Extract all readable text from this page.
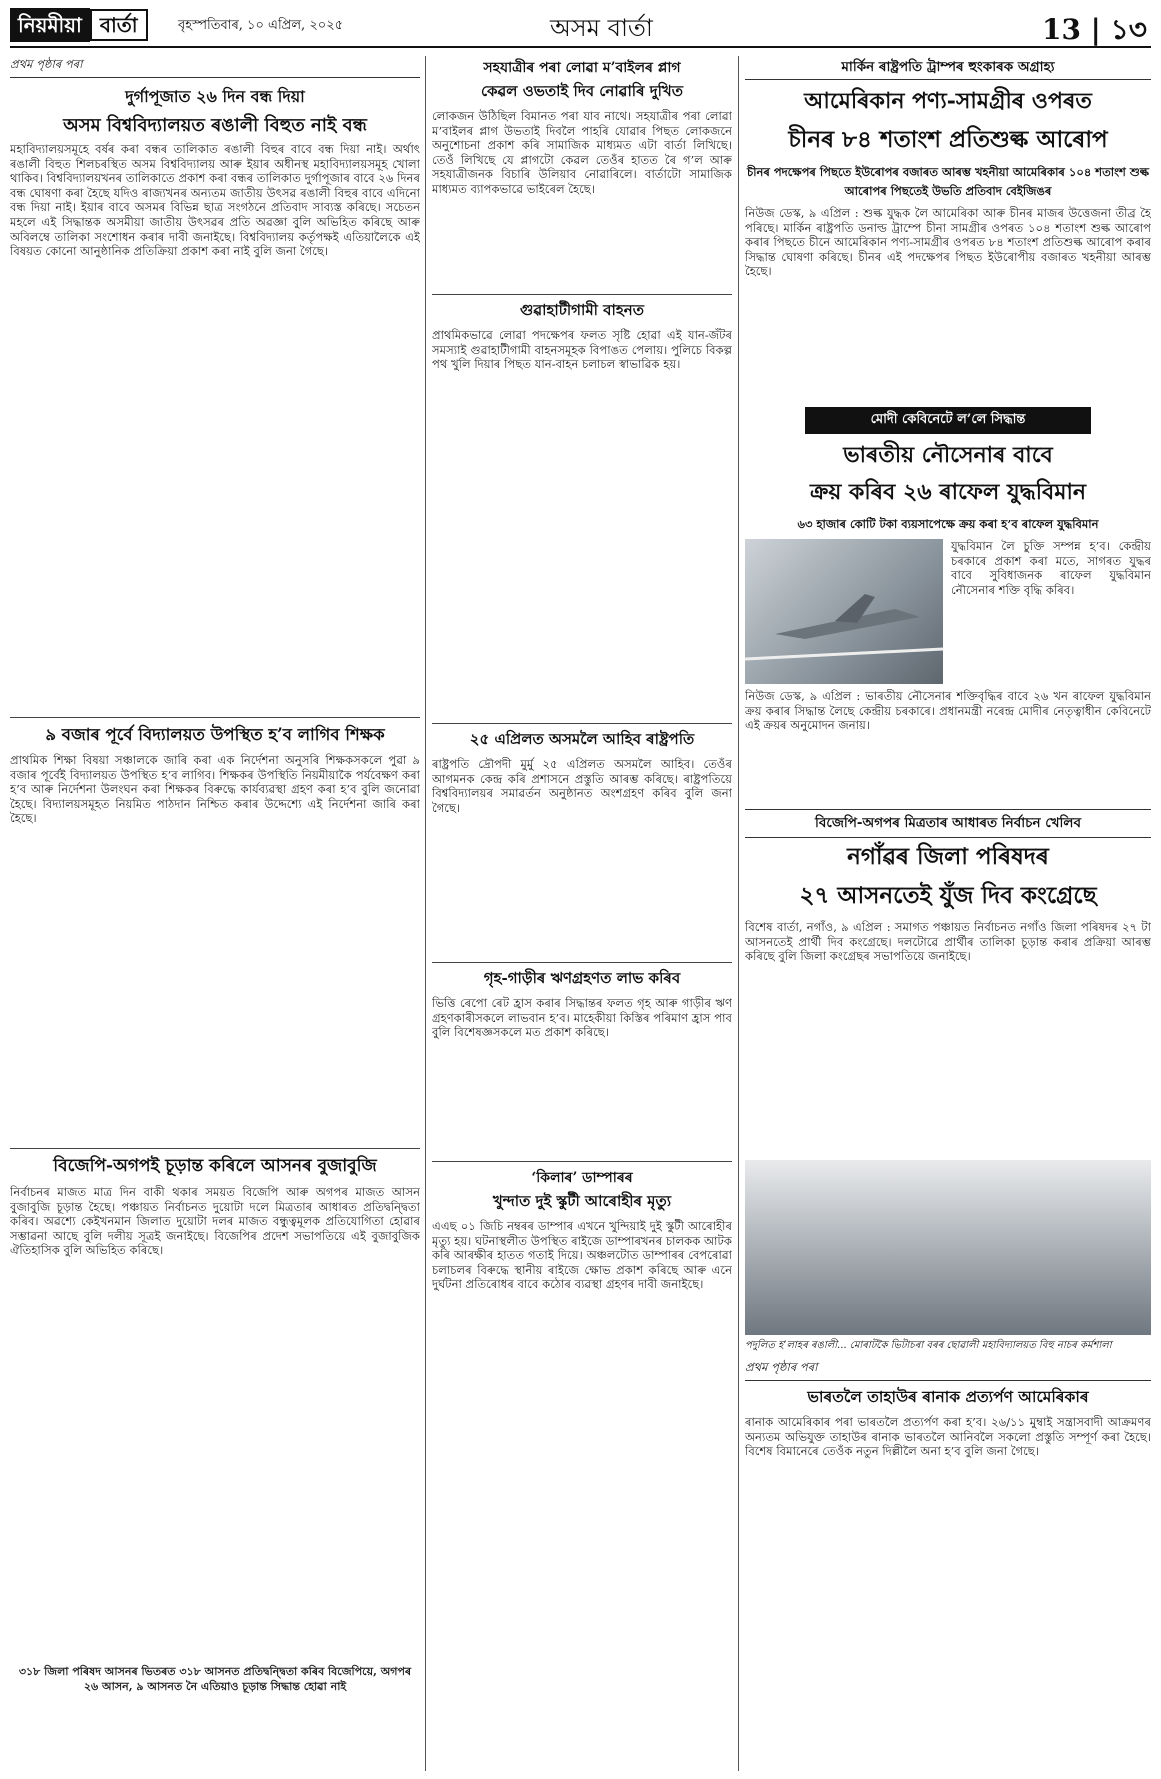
নিয়মীয়া বাৰ্তা	বৃহস্পতিবাৰ, ১০ এপ্ৰিল, ২০২৫	অসম বাৰ্তা	13 | ১৩
প্ৰথম পৃষ্ঠাৰ পৰা
দুৰ্গাপূজাত ২৬ দিন বন্ধ দিয়া
অসম বিশ্ববিদ্যালয়ত ৰঙালী বিহুত নাই বন্ধ

মহাবিদ্যালয়সমূহে বৰ্ষৰ কৰা বন্ধৰ তালিকাত ৰঙালী বিহুৰ বাবে বন্ধ দিয়া নাই। অৰ্থাৎ ৰঙালী বিহুত শিলচৰস্থিত অসম বিশ্ববিদ্যালয় আৰু ইয়াৰ অধীনস্থ মহাবিদ্যালয়সমূহ খোলা থাকিব। বিশ্ববিদ্যালয়খনৰ তালিকাতে প্ৰকাশ কৰা বন্ধৰ তালিকাত দুৰ্গাপূজাৰ বাবে ২৬ দিনৰ বন্ধ ঘোষণা কৰা হৈছে যদিও ৰাজ্যখনৰ অন্যতম জাতীয় উৎসৱ ৰঙালী বিহুৰ বাবে এদিনো বন্ধ দিয়া নাই। ইয়াৰ বাবে অসমৰ বিভিন্ন ছাত্ৰ সংগঠনে প্ৰতিবাদ সাব্যস্ত কৰিছে। সচেতন মহলে এই সিদ্ধান্তক অসমীয়া জাতীয় উৎসৱৰ প্ৰতি অৱজ্ঞা বুলি অভিহিত কৰিছে আৰু অবিলম্বে তালিকা সংশোধন কৰাৰ দাবী জনাইছে। বিশ্ববিদ্যালয় কৰ্তৃপক্ষই এতিয়ালৈকে এই বিষয়ত কোনো আনুষ্ঠানিক প্ৰতিক্ৰিয়া প্ৰকাশ কৰা নাই বুলি জনা গৈছে।

৯ বজাৰ পূৰ্বে বিদ্যালয়ত উপস্থিত হ’ব লাগিব শিক্ষক

প্ৰাথমিক শিক্ষা বিষয়া সঞ্চালকে জাৰি কৰা এক নিৰ্দেশনা অনুসৰি শিক্ষকসকলে পুৱা ৯ বজাৰ পূৰ্বেই বিদ্যালয়ত উপস্থিত হ’ব লাগিব। শিক্ষকৰ উপস্থিতি নিয়মীয়াকৈ পৰ্যবেক্ষণ কৰা হ’ব আৰু নিৰ্দেশনা উলংঘন কৰা শিক্ষকৰ বিৰুদ্ধে কাৰ্যব্যৱস্থা গ্ৰহণ কৰা হ’ব বুলি জনোৱা হৈছে। বিদ্যালয়সমূহত নিয়মিত পাঠদান নিশ্চিত কৰাৰ উদ্দেশ্যে এই নিৰ্দেশনা জাৰি কৰা হৈছে।

বিজেপি-অগপই চূড়ান্ত কৰিলে আসনৰ বুজাবুজি

নিৰ্বাচনৰ মাজত মাত্ৰ দিন বাকী থকাৰ সময়ত বিজেপি আৰু অগপৰ মাজত আসন বুজাবুজি চূড়ান্ত হৈছে। পঞ্চায়ত নিৰ্বাচনত দুয়োটা দলে মিত্ৰতাৰ আধাৰত প্ৰতিদ্বন্দ্বিতা কৰিব। অৱশ্যে কেইখনমান জিলাত দুয়োটা দলৰ মাজত বন্ধুত্বমূলক প্ৰতিযোগিতা হোৱাৰ সম্ভাৱনা আছে বুলি দলীয় সূত্ৰই জনাইছে। বিজেপিৰ প্ৰদেশ সভাপতিয়ে এই বুজাবুজিক ঐতিহাসিক বুলি অভিহিত কৰিছে।

৩১৮ জিলা পৰিষদ আসনৰ ভিতৰত ৩১৮ আসনত প্ৰতিদ্বন্দ্বিতা কৰিব বিজেপিয়ে, অগপৰ ২৬ আসন, ৯ আসনত নৈ এতিয়াও চূড়ান্ত সিদ্ধান্ত হোৱা নাই

সহযাত্ৰীৰ পৰা লোৱা ম’বাইলৰ প্লাগ
কেৱল ওভতাই দিব নোৱাৰি দুখিত

লোকজন উঠিছিল বিমানত পৰা যাব নাথে। সহযাত্ৰীৰ পৰা লোৱা ম’বাইলৰ প্লাগ উভতাই দিবলৈ পাহৰি যোৱাৰ পিছত লোকজনে অনুশোচনা প্ৰকাশ কৰি সামাজিক মাধ্যমত এটা বাৰ্তা লিখিছে। তেওঁ লিখিছে যে প্লাগটো কেৱল তেওঁৰ হাতত ৰৈ গ’ল আৰু সহযাত্ৰীজনক বিচাৰি উলিয়াব নোৱাৰিলে। বাৰ্তাটো সামাজিক মাধ্যমত ব্যাপকভাৱে ভাইৰেল হৈছে।

গুৱাহাটীগামী বাহনত

প্ৰাথমিকভাৱে লোৱা পদক্ষেপৰ ফলত সৃষ্টি হোৱা এই যান-জঁটৰ সমস্যাই গুৱাহাটীগামী বাহনসমূহক বিপাঙত পেলায়। পুলিচে বিকল্প পথ খুলি দিয়াৰ পিছত যান-বাহন চলাচল স্বাভাৱিক হয়।

২৫ এপ্ৰিলত অসমলৈ আহিব ৰাষ্ট্ৰপতি

ৰাষ্ট্ৰপতি দ্ৰৌপদী মুৰ্মু ২৫ এপ্ৰিলত অসমলৈ আহিব। তেওঁৰ আগমনক কেন্দ্ৰ কৰি প্ৰশাসনে প্ৰস্তুতি আৰম্ভ কৰিছে। ৰাষ্ট্ৰপতিয়ে বিশ্ববিদ্যালয়ৰ সমাৱৰ্তন অনুষ্ঠানত অংশগ্ৰহণ কৰিব বুলি জনা গৈছে।

গৃহ-গাড়ীৰ ঋণগ্ৰহণত লাভ কৰিব

ভিত্তি ৰেপো ৰেট হ্ৰাস কৰাৰ সিদ্ধান্তৰ ফলত গৃহ আৰু গাড়ীৰ ঋণ গ্ৰহণকাৰীসকলে লাভবান হ’ব। মাহেকীয়া কিস্তিৰ পৰিমাণ হ্ৰাস পাব বুলি বিশেষজ্ঞসকলে মত প্ৰকাশ কৰিছে।

‘কিলাৰ’ ডাম্পাৰৰ
খুন্দাত দুই স্কুটী আৰোহীৰ মৃত্যু

এএছ ০১ জিচি নম্বৰৰ ডাম্পাৰ এখনে খুন্দিয়াই দুই স্কুটী আৰোহীৰ মৃত্যু হয়। ঘটনাস্থলীত উপস্থিত ৰাইজে ডাম্পাৰখনৰ চালকক আটক কৰি আৰক্ষীৰ হাতত গতাই দিয়ে। অঞ্চলটোত ডাম্পাৰৰ বেপৰোৱা চলাচলৰ বিৰুদ্ধে স্থানীয় ৰাইজে ক্ষোভ প্ৰকাশ কৰিছে আৰু এনে দুৰ্ঘটনা প্ৰতিৰোধৰ বাবে কঠোৰ ব্যৱস্থা গ্ৰহণৰ দাবী জনাইছে।

মাৰ্কিন ৰাষ্ট্ৰপতি ট্ৰাম্পৰ হুংকাৰক অগ্ৰাহ্য
আমেৰিকান পণ্য-সামগ্ৰীৰ ওপৰত
চীনৰ ৮৪ শতাংশ প্ৰতিশুল্ক আৰোপ
চীনৰ পদক্ষেপৰ পিছতে ইউৰোপৰ বজাৰত আৰম্ভ খহনীয়া আমেৰিকাৰ ১০৪ শতাংশ শুল্ক আৰোপৰ পিছতেই উভতি প্ৰতিবাদ বেইজিঙৰ

নিউজ ডেস্ক, ৯ এপ্ৰিল : শুল্ক যুদ্ধক লৈ আমেৰিকা আৰু চীনৰ মাজৰ উত্তেজনা তীব্ৰ হৈ পৰিছে। মাৰ্কিন ৰাষ্ট্ৰপতি ডনাল্ড ট্ৰাম্পে চীনা সামগ্ৰীৰ ওপৰত ১০৪ শতাংশ শুল্ক আৰোপ কৰাৰ পিছতে চীনে আমেৰিকান পণ্য-সামগ্ৰীৰ ওপৰত ৮৪ শতাংশ প্ৰতিশুল্ক আৰোপ কৰাৰ সিদ্ধান্ত ঘোষণা কৰিছে। চীনৰ এই পদক্ষেপৰ পিছত ইউৰোপীয় বজাৰত খহনীয়া আৰম্ভ হৈছে।

মোদী কেবিনেটে ল’লে সিদ্ধান্ত
ভাৰতীয় নৌসেনাৰ বাবে
ক্ৰয় কৰিব ২৬ ৰাফেল যুদ্ধবিমান
৬৩ হাজাৰ কোটি টকা ব্যয়সাপেক্ষে ক্ৰয় কৰা হ’ব ৰাফেল যুদ্ধবিমান

যুদ্ধবিমান লৈ চুক্তি সম্পন্ন হ’ব। কেন্দ্ৰীয় চৰকাৰে প্ৰকাশ কৰা মতে, সাগৰত যুদ্ধৰ বাবে সুবিধাজনক ৰাফেল যুদ্ধবিমান নৌসেনাৰ শক্তি বৃদ্ধি কৰিব।

নিউজ ডেস্ক, ৯ এপ্ৰিল : ভাৰতীয় নৌসেনাৰ শক্তিবৃদ্ধিৰ বাবে ২৬ খন ৰাফেল যুদ্ধবিমান ক্ৰয় কৰাৰ সিদ্ধান্ত লৈছে কেন্দ্ৰীয় চৰকাৰে। প্ৰধানমন্ত্ৰী নৰেন্দ্ৰ মোদীৰ নেতৃত্বাধীন কেবিনেটে এই ক্ৰয়ৰ অনুমোদন জনায়।

বিজেপি-অগপৰ মিত্ৰতাৰ আধাৰত নিৰ্বাচন খেলিব
নগাঁৱৰ জিলা পৰিষদৰ
২৭ আসনতেই যুঁজ দিব কংগ্ৰেছে

বিশেষ বাৰ্তা, নগাঁও, ৯ এপ্ৰিল : সমাগত পঞ্চায়ত নিৰ্বাচনত নগাঁও জিলা পৰিষদৰ ২৭ টা আসনতেই প্ৰাৰ্থী দিব কংগ্ৰেছে। দলটোৱে প্ৰাৰ্থীৰ তালিকা চূড়ান্ত কৰাৰ প্ৰক্ৰিয়া আৰম্ভ কৰিছে বুলি জিলা কংগ্ৰেছৰ সভাপতিয়ে জনাইছে।

পদুলিত হ’লাহৰ ৰঙালী... মোৰাটকৈ ভিটাচৰা বৰৰ ছোৱালী মহাবিদ্যালয়ত বিহু নাচৰ কৰ্মশালা
প্ৰথম পৃষ্ঠাৰ পৰা
ভাৰতলৈ তাহাউৰ ৰানাক প্ৰত্যৰ্পণ আমেৰিকাৰ

ৰানাক আমেৰিকাৰ পৰা ভাৰতলৈ প্ৰত্যৰ্পণ কৰা হ’ব। ২৬/১১ মুম্বাই সন্ত্ৰাসবাদী আক্ৰমণৰ অন্যতম অভিযুক্ত তাহাউৰ ৰানাক ভাৰতলৈ আনিবলৈ সকলো প্ৰস্তুতি সম্পূৰ্ণ কৰা হৈছে। বিশেষ বিমানেৰে তেওঁক নতুন দিল্লীলৈ অনা হ’ব বুলি জনা গৈছে।
